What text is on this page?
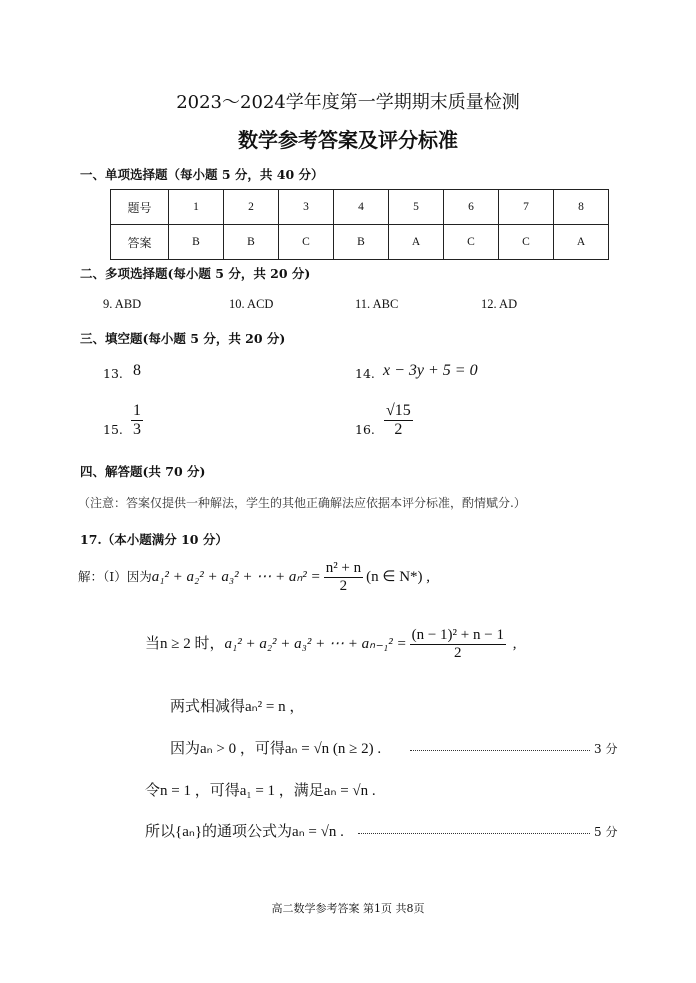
2023～2024学年度第一学期期末质量检测
数学参考答案及评分标准
一、单项选择题（每小题 5 分，共 40 分）
题号	1	2	3	4	5	6	7	8
答案	B	B	C	B	A	C	C	A
二、多项选择题(每小题 5 分，共 20 分)
9. ABD	10. ACD	11. ABC	12. AD
三、填空题(每小题 5 分，共 20 分)
13. 8	14. x − 3y + 5 = 0
15. $\frac{1}{3}$	16. $\frac{√15}{2}$
四、解答题(共 70 分)
（注意：答案仅提供一种解法，学生的其他正确解法应依据本评分标准，酌情赋分.）
17.（本小题满分 10 分）
解：（Ⅰ）因为a₁² + a₂² + a₃² + ⋯ + $a_n^2 = \frac{\text{n² + n}}{2} (n$ ∈ N*) ,
当n ≥ 2 时，a₁² + a₂² + a₃² + ⋯ + $a_{n-1}^2 = \frac{\text{(n − 1)² + n − 1}}{2}$ ,
两式相减得aₙ² = n ，
因为aₙ > 0 ，可得aₙ = √n (n ≥ 2) .	3 分
令n = 1 ，可得a₁ = 1 ，满足aₙ = √n .
所以{aₙ}的通项公式为aₙ = √n .	5 分
高二数学参考答案 第1页 共8页
